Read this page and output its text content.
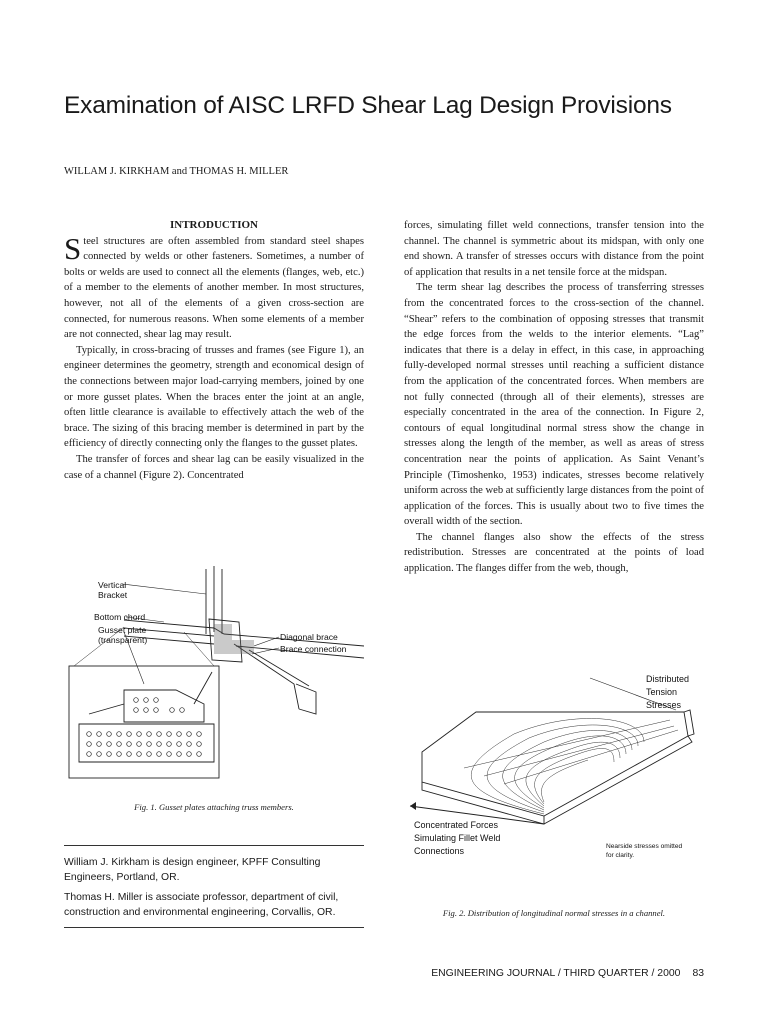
Examination of AISC LRFD Shear Lag Design Provisions
WILLAM J. KIRKHAM and THOMAS H. MILLER

INTRODUCTION

Steel structures are often assembled from standard steel shapes connected by welds or other fasteners. Sometimes, a number of bolts or welds are used to connect all the elements (flanges, web, etc.) of a member to the elements of another member. In most structures, however, not all of the elements of a given cross-section are connected, for numerous reasons. When some elements of a member are not connected, shear lag may result.

Typically, in cross-bracing of trusses and frames (see Figure 1), an engineer determines the geometry, strength and economical design of the connections between major load-carrying members, joined by one or more gusset plates. When the braces enter the joint at an angle, often little clearance is available to effectively attach the web of the brace. The sizing of this bracing member is determined in part by the efficiency of directly connecting only the flanges to the gusset plates.

The transfer of forces and shear lag can be easily visualized in the case of a channel (Figure 2). Concentrated

forces, simulating fillet weld connections, transfer tension into the channel. The channel is symmetric about its midspan, with only one end shown. A transfer of stresses occurs with distance from the point of application that results in a net tensile force at the midspan.

The term shear lag describes the process of transferring stresses from the concentrated forces to the cross-section of the channel. “Shear” refers to the combination of opposing stresses that transmit the edge forces from the welds to the interior elements. “Lag” indicates that there is a delay in effect, in this case, in approaching fully-developed normal stresses until reaching a sufficient distance from the application of the concentrated forces. When members are not fully connected (through all of their elements), stresses are especially concentrated in the area of the connection. In Figure 2, contours of equal longitudinal normal stress show the change in stresses along the length of the member, as well as areas of stress concentration near the points of application. As Saint Venant’s Principle (Timoshenko, 1953) indicates, stresses become relatively uniform across the web at sufficiently large distances from the point of application of the forces. This is usually about two to five times the overall width of the section.

The channel flanges also show the effects of the stress redistribution. Stresses are concentrated at the points of load application. The flanges differ from the web, though,

Vertical
Bracket
Bottom chord
Gusset plate
(transparent)	Diagonal brace
Brace connection
Fig. 1. Gusset plates attaching truss members.
Distributed
Tension
Stresses
Concentrated Forces
Simulating Fillet Weld
Connections	Nearside stresses omitted
for clarity.
Fig. 2. Distribution of longitudinal normal stresses in a channel.

William J. Kirkham is design engineer, KPFF Consulting Engineers, Portland, OR.

Thomas H. Miller is associate professor, department of civil, construction and environmental engineering, Corvallis, OR.

ENGINEERING JOURNAL / THIRD QUARTER / 2000 83
